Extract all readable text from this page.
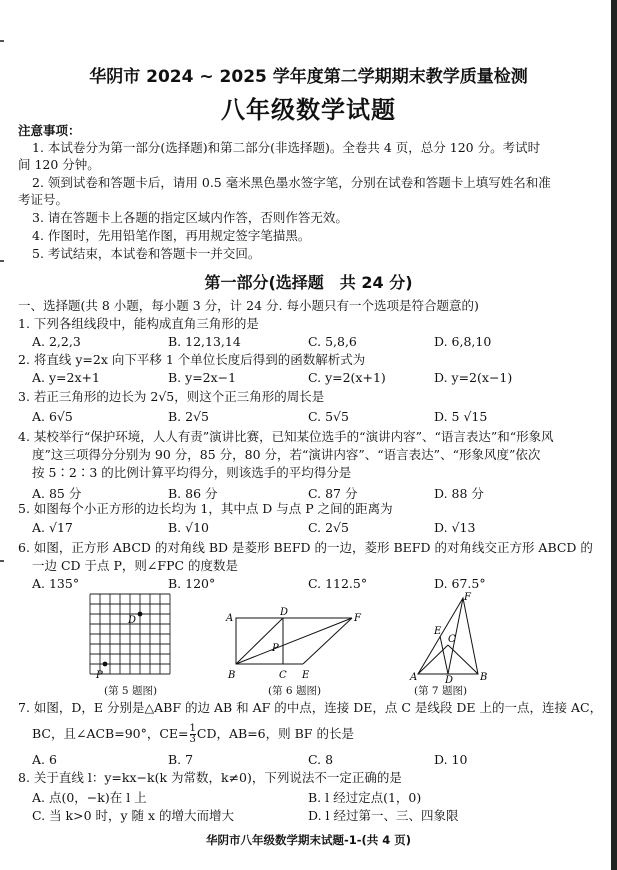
华阴市 2024 ~ 2025 学年度第二学期期末教学质量检测
八年级数学试题
注意事项：
1. 本试卷分为第一部分(选择题)和第二部分(非选择题)。全卷共 4 页，总分 120 分。考试时
间 120 分钟。
2. 领到试卷和答题卡后，请用 0.5 毫米黑色墨水签字笔，分别在试卷和答题卡上填写姓名和准
考证号。
3. 请在答题卡上各题的指定区域内作答，否则作答无效。
4. 作图时，先用铅笔作图，再用规定签字笔描黑。
5. 考试结束，本试卷和答题卡一并交回。
第一部分(选择题　共 24 分)
一、选择题(共 8 小题，每小题 3 分，计 24 分. 每小题只有一个选项是符合题意的)
1. 下列各组线段中，能构成直角三角形的是
A. 2,2,3	B. 12,13,14	C. 5,8,6	D. 6,8,10
2. 将直线 y=2x 向下平移 1 个单位长度后得到的函数解析式为
A. y=2x+1	B. y=2x−1	C. y=2(x+1)	D. y=2(x−1)
3. 若正三角形的边长为 2√5，则这个正三角形的周长是
A. 6√5	B. 2√5	C. 5√5	D. 5 √15
4. 某校举行“保护环境，人人有责”演讲比赛，已知某位选手的“演讲内容”、“语言表达”和“形象风
度”这三项得分分别为 90 分，85 分，80 分，若“演讲内容”、“语言表达”、“形象风度”依次
按 5∶2∶3 的比例计算平均得分，则该选手的平均得分是
A. 85 分	B. 86 分	C. 87 分	D. 88 分
5. 如图每个小正方形的边长均为 1，其中点 D 与点 P 之间的距离为
A. √17	B. √10	C. 2√5	D. √13
6. 如图，正方形 ABCD 的对角线 BD 是菱形 BEFD 的一边，菱形 BEFD 的对角线交正方形 ABCD 的
一边 CD 于点 P，则∠FPC 的度数是
A. 135°	B. 120°	C. 112.5°	D. 67.5°
D
P
(第 5 题图)
A
D
F
P
B	C E
(第 6 题图)
F
E
C
A	D	B
(第 7 题图)
7. 如图，D，E 分别是△ABF 的边 AB 和 AF 的中点，连接 DE，点 C 是线段 DE 上的一点，连接 AC，
BC，且∠ACB=90°，$CE= \frac{1}{3}$ CD，AB=6，则 BF 的长是
A. 6	B. 7	C. 8	D. 10
8. 关于直线 l：y=kx−k(k 为常数，k≠0)，下列说法不一定正确的是
A. 点(0，−k)在 l 上	B. l 经过定点(1，0)
C. 当 k>0 时，y 随 x 的增大而增大	D. l 经过第一、三、四象限
华阴市八年级数学期末试题-1-(共 4 页)
